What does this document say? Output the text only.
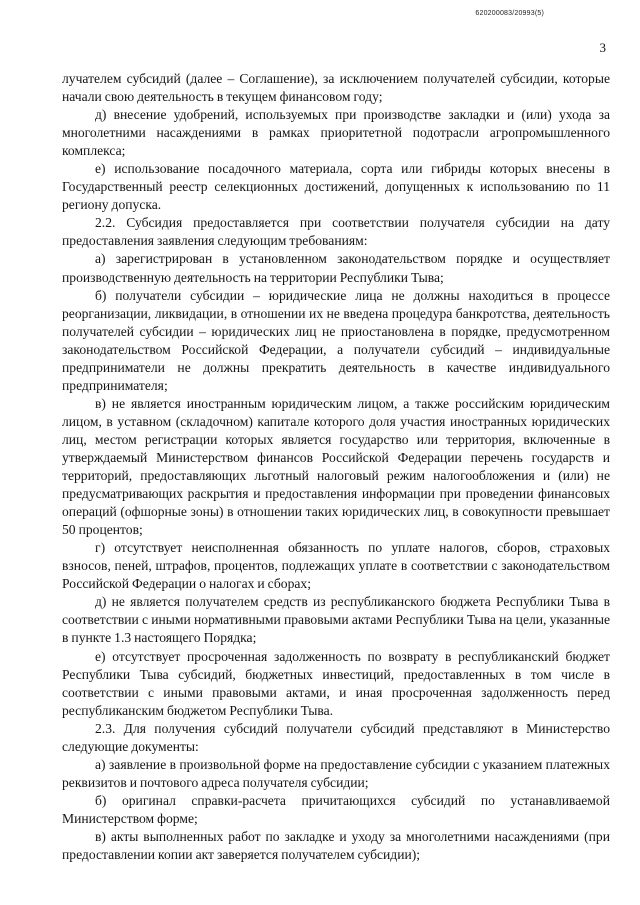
620200083/20993(5)
3

лучателем субсидий (далее – Соглашение), за исключением получателей субсидии, которые начали свою деятельность в текущем финансовом году;

д) внесение удобрений, используемых при производстве закладки и (или) ухода за многолетними насаждениями в рамках приоритетной подотрасли агропромышленного комплекса;

е) использование посадочного материала, сорта или гибриды которых внесены в Государственный реестр селекционных достижений, допущенных к использованию по 11 региону допуска.

2.2. Субсидия предоставляется при соответствии получателя субсидии на дату предоставления заявления следующим требованиям:

а) зарегистрирован в установленном законодательством порядке и осуществляет производственную деятельность на территории Республики Тыва;

б) получатели субсидии – юридические лица не должны находиться в процессе реорганизации, ликвидации, в отношении их не введена процедура банкротства, деятельность получателей субсидии – юридических лиц не приостановлена в порядке, предусмотренном законодательством Российской Федерации, а получатели субсидий – индивидуальные предприниматели не должны прекратить деятельность в качестве индивидуального предпринимателя;

в) не является иностранным юридическим лицом, а также российским юридическим лицом, в уставном (складочном) капитале которого доля участия иностранных юридических лиц, местом регистрации которых является государство или территория, включенные в утверждаемый Министерством финансов Российской Федерации перечень государств и территорий, предоставляющих льготный налоговый режим налогообложения и (или) не предусматривающих раскрытия и предоставления информации при проведении финансовых операций (офшорные зоны) в отношении таких юридических лиц, в совокупности превышает 50 процентов;

г) отсутствует неисполненная обязанность по уплате налогов, сборов, страховых взносов, пеней, штрафов, процентов, подлежащих уплате в соответствии с законодательством Российской Федерации о налогах и сборах;

д) не является получателем средств из республиканского бюджета Республики Тыва в соответствии с иными нормативными правовыми актами Республики Тыва на цели, указанные в пункте 1.3 настоящего Порядка;

е) отсутствует просроченная задолженность по возврату в республиканский бюджет Республики Тыва субсидий, бюджетных инвестиций, предоставленных в том числе в соответствии с иными правовыми актами, и иная просроченная задолженность перед республиканским бюджетом Республики Тыва.

2.3. Для получения субсидий получатели субсидий представляют в Министерство следующие документы:

а) заявление в произвольной форме на предоставление субсидии с указанием платежных реквизитов и почтового адреса получателя субсидии;

б) оригинал справки-расчета причитающихся субсидий по устанавливаемой Министерством форме;

в) акты выполненных работ по закладке и уходу за многолетними насаждениями (при предоставлении копии акт заверяется получателем субсидии);
